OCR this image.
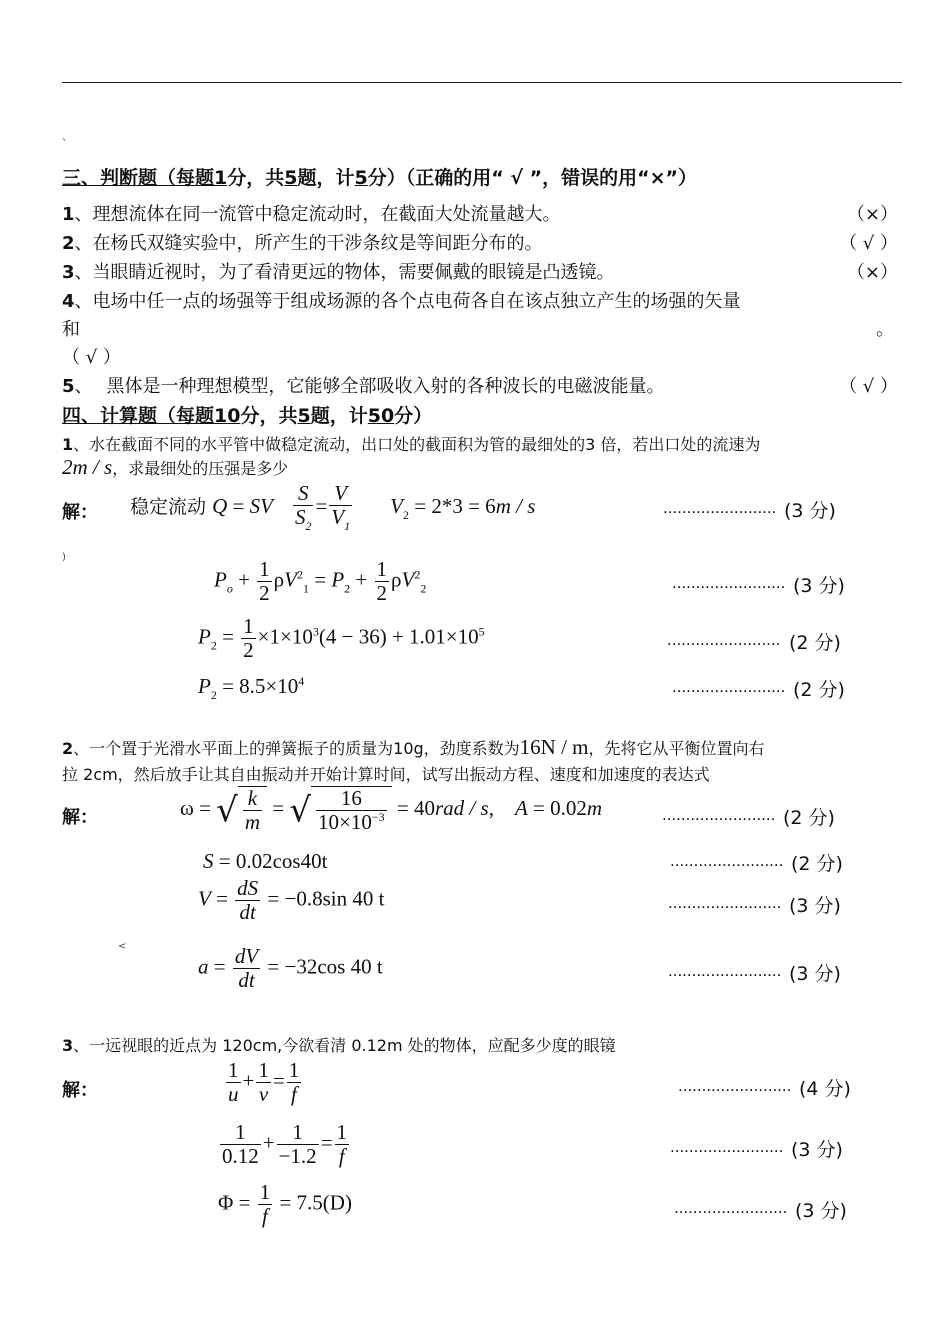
、
三、判断题（每题1分，共5题，计5分）（正确的用“ √ ”，错误的用“×”）
1、理想流体在同一流管中稳定流动时，在截面大处流量越大。	（×）
2、在杨氏双缝实验中，所产生的干涉条纹是等间距分布的。	（ √ ）
3、当眼睛近视时，为了看清更远的物体，需要佩戴的眼镜是凸透镜。	（×）
4、电场中任一点的场强等于组成场源的各个点电荷各自在该点独立产生的场强的矢量
和	。
（ √ ）
5、 黑体是一种理想模型，它能够全部吸收入射的各种波长的电磁波能量。	（ √ ）
四、计算题（每题10分，共5题，计50分）
1、水在截面不同的水平管中做稳定流动，出口处的截面积为管的最细处的3 倍，若出口处的流速为
2m / s，求最细处的压强是多少
解： 稳定流动 Q = SV $\frac{S}{S_2} = \frac{V}{V_1} V_2 = 2*3 = 6m / s$	........................ (3 分)
)
$P_o + \frac{1}{2} \rho V^2_1 = P_2 + \frac{1}{2} \rho V^2_2$	........................ (3 分)
$P_2 = \frac{1}{2} \times 1\times 10^3(4 - 36) + 1.01\times 10^5$	........................ (2 分)
$P_2 = 8.5\times 10^4$	........................ (2 分)
2、一个置于光滑水平面上的弹簧振子的质量为10g，劲度系数为16N / m，先将它从平衡位置向右
拉 2cm，然后放手让其自由振动并开始计算时间，试写出振动方程、速度和加速度的表达式
解：	ω = √ $\frac{k}{m}$ = √ $\frac{16}{10\times 10^{-3}} = 40rad / s$,    A = 0.02m	........................ (2 分)
S = 0.02cos40t	........................ (2 分)
$V = \frac{dS}{dt} = -0.8\sin$ 40 t	........................ (3 分)
<
$a = \frac{dV}{dt} = -32\cos$ 40 t	........................ (3 分)
3、一远视眼的近点为 120cm,今欲看清 0.12m 处的物体，应配多少度的眼镜
解：	$\frac{1}{u} + \frac{1}{v} = \frac{1}{f}$	........................ (4 分)
$\frac{1}{0.12} + \frac{1}{-1.2} = \frac{1}{f}$	........................ (3 分)
$\Phi = \frac{1}{f} = 7.5(D)$	........................ (3 分)
